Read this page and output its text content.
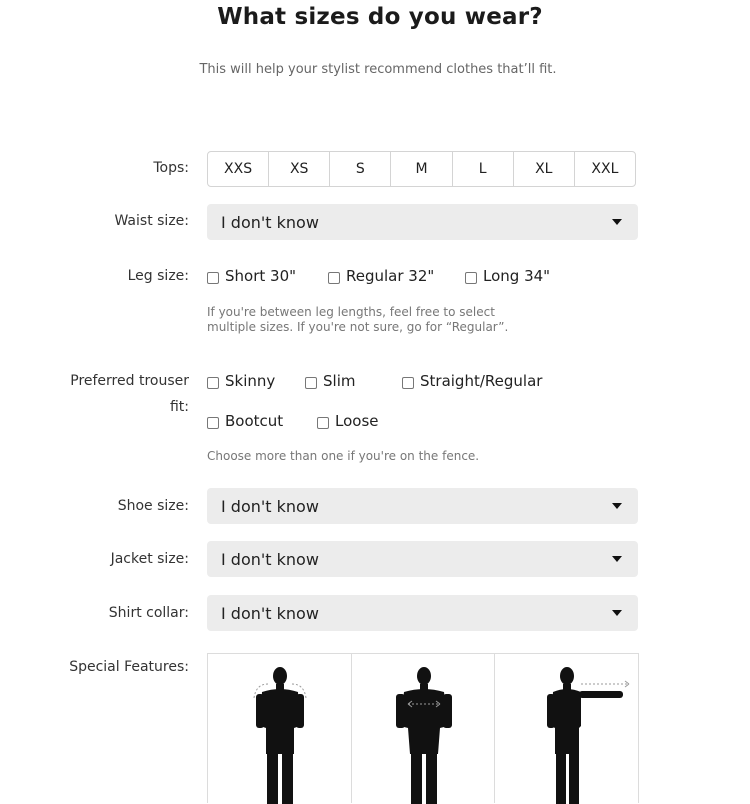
What sizes do you wear?
This will help your stylist recommend clothes that’ll fit.
Tops:	XXS	XS	S	M	L	XL	XXL
Waist size: I don't know
Leg size: Short 30"	Regular 32"	Long 34"
If you're between leg lengths, feel free to select
multiple sizes. If you're not sure, go for “Regular”.
Preferred trouser
fit:
Skinny	Slim	Straight/Regular
Bootcut	Loose
Choose more than one if you're on the fence.
Shoe size: I don't know
Jacket size: I don't know
Shirt collar: I don't know
Special Features:
